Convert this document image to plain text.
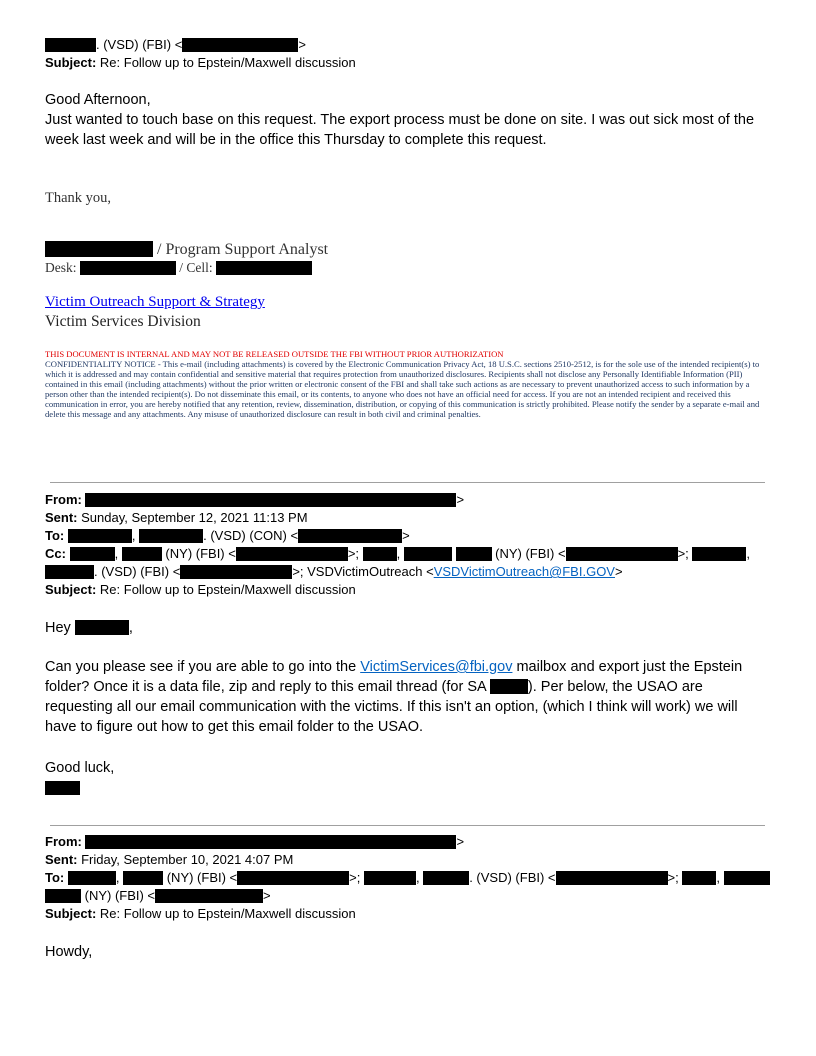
. (VSD) (FBI) <	>
Subject: Re: Follow up to Epstein/Maxwell discussion
Good Afternoon,
Just wanted to touch base on this request. The export process must be done on site. I was out sick most of the
week last week and will be in the office this Thursday to complete this request.
Thank you,
/ Program Support Analyst
Desk:	/ Cell:
Victim Outreach Support & Strategy
Victim Services Division
THIS DOCUMENT IS INTERNAL AND MAY NOT BE RELEASED OUTSIDE THE FBI WITHOUT PRIOR AUTHORIZATION
CONFIDENTIALITY NOTICE - This e-mail (including attachments) is covered by the Electronic Communication Privacy Act, 18 U.S.C. sections 2510-2512, is for the sole use of the intended recipient(s) to which it is addressed and may contain confidential and sensitive material that requires protection from unauthorized disclosures. Recipients shall not disclose any Personally Identifiable Information (PII) contained in this email (including attachments) without the prior written or electronic consent of the FBI and shall take such actions as are necessary to prevent unauthorized access to such information by a person other than the intended recipient(s). Do not disseminate this email, or its contents, to anyone who does not have an official need for access. If you are not an intended recipient and received this communication in error, you are hereby notified that any retention, review, dissemination, distribution, or copying of this communication is strictly prohibited. Please notify the sender by a separate e-mail and delete this message and any attachments. Any misuse of unauthorized disclosure can result in both civil and criminal penalties.
From:	>
Sent: Sunday, September 12, 2021 11:13 PM
To:	,	. (VSD) (CON) <	>
Cc:	,	(NY) (FBI) <	>;	,	(NY) (FBI) <	>;	,
. (VSD) (FBI) <	>; VSDVictimOutreach <VSDVictimOutreach@FBI.GOV>
Subject: Re: Follow up to Epstein/Maxwell discussion
Hey	,
Can you please see if you are able to go into the VictimServices@fbi.gov mailbox and export just the Epstein
folder? Once it is a data file, zip and reply to this email thread (for SA	). Per below, the USAO are
requesting all our email communication with the victims. If this isn't an option, (which I think will work) we will
have to figure out how to get this email folder to the USAO.
Good luck,
From:	>
Sent: Friday, September 10, 2021 4:07 PM
To:	,	(NY) (FBI) <	>;	,	. (VSD) (FBI) <	>;	,
(NY) (FBI) <	>
Subject: Re: Follow up to Epstein/Maxwell discussion
Howdy,
